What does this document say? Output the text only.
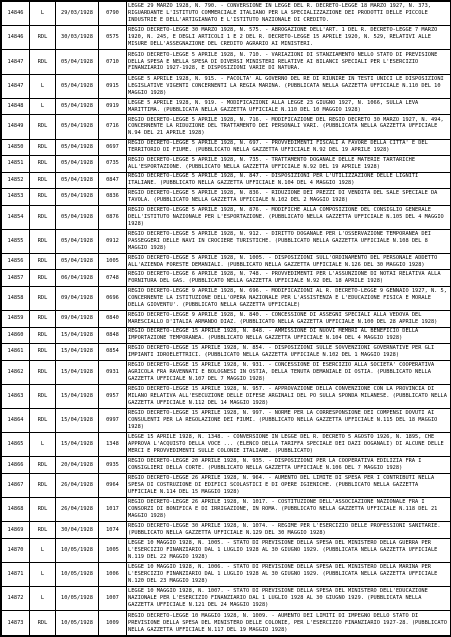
14846	L	29/03/1928	0790	LEGGE 29 MARZO 1928, N. 790. - CONVERSIONE IN LEGGE DEL R. DECRETO-LEGGE 18 MARZO 1927, N. 373, RIGUARDANTE L'ISTITUTO COMMERCIALE ITALIANO PER LA SPECIALIZZAZIONE DEI PRODOTTI DELLE PICCOLE INDUSTRIE E DELL'ARTIGIANATO E L'ISTITUTO NAZIONALE DI CREDITO.
14846	RDL	30/03/1928	0575	REGIO DECRETO-LEGGE 30 MARZO 1928, N. 575. - ABROGAZIONE DELL'ART. 1 DEL R. DECRETO-LEGGE 7 MARZO 1920, N. 245, E DEGLI ARTICOLI 1 E 2 DEL R. DECRETO-LEGGE 15 APRILE 1920, N. 529, RELATIVI ALLE MISURE DELL'ASSEGNAZIONE DEL CREDITO AGRARIO AI MINISTERI.
14847	RDL	05/04/1928	0710	REGIO DECRETO-LEGGE 5 APRILE 1928, N. 710. - VARIAZIONI DI STANZIAMENTO NELLO STATO DI PREVISIONE DELLA SPESA E NELLA SPESA DI DIVERSI MINISTERI RELATIVE AI BILANCI SPECIALI PER L'ESERCIZIO FINANZIARIO 1927-1928, E DISPOSIZIONI VARIE DI NATURA.
14847	L	05/04/1928	0915	LEGGE 5 APRILE 1928, N. 915. - FACOLTA' AL GOVERNO DEL RE DI RIUNIRE IN TESTI UNICI LE DISPOSIZIONI LEGISLATIVE VIGENTI CONCERNENTI LA REGIA MARINA. (PUBBLICATA NELLA GAZZETTA UFFICIALE N.110 DEL 10 MAGGIO 1928)
14848	L	05/04/1928	0919	LEGGE 5 APRILE 1928, N. 919. - MODIFICAZIONI ALLA LEGGE 23 GIUGNO 1927, N. 1066, SULLA LEVA MARITTIMA. (PUBBLICATA NELLA GAZZETTA UFFICIALE N.110 DEL 10 MAGGIO 1928)
14849	RDL	05/04/1928	0716	REGIO DECRETO-LEGGE 5 APRILE 1928, N. 716. - MODIFICAZIONE DEL REGIO DECRETO 30 MARZO 1927, N. 494, CONCERNENTE LA RIDUZIONE DEL TRATTAMENTO DEI PERSONALI VARI. (PUBBLICATA NELLA GAZZETTA UFFICIALE N.94 DEL 21 APRILE 1928)
14850	RDL	05/04/1928	0697	REGIO DECRETO-LEGGE 5 APRILE 1928, N. 697. - PROVVEDIMENTI FISCALI A FAVORE DELLA CITTA' E DEL TERRITORIO DI FIUME. (PUBBLICATO NELLA GAZZETTA UFFICIALE N.92 DEL 19 APRILE 1928)
14851	RDL	05/04/1928	0735	REGIO DECRETO-LEGGE 5 APRILE 1928, N. 735. - TRATTAMENTO DOGANALE DELLE MATERIE TARTARICHE ALL'ESPORTAZIONE. (PUBBLICATO NELLA GAZZETTA UFFICIALE N.92 DEL 19 APRILE 1928)
14852	RDL	05/04/1928	0847	REGIO DECRETO-LEGGE 5 APRILE 1928, N. 847. - DISPOSIZIONI PER L'UTILIZZAZIONE DELLE LIGNITI ITALIANE. (PUBBLICATO NELLA GAZZETTA UFFICIALE N.104 DEL 4 MAGGIO 1928)
14853	RDL	05/04/1928	0836	REGIO DECRETO-LEGGE 5 APRILE 1928, N. 836. - RIDUZIONE DEI PREZZI DI VENDITA DEL SALE SPECIALE DA TAVOLA. (PUBBLICATO NELLA GAZZETTA UFFICIALE N.102 DEL 2 MAGGIO 1928)
14854	RDL	05/04/1928	0876	REGIO DECRETO-LEGGE 5 APRILE 1928, N. 876. - MODIFICHE ALLA COMPOSIZIONE DEL CONSIGLIO GENERALE DELL'ISTITUTO NAZIONALE PER L'ESPORTAZIONE. (PUBBLICATO NELLA GAZZETTA UFFICIALE N.105 DEL 4 MAGGIO 1928)
14855	RDL	05/04/1928	0912	REGIO DECRETO-LEGGE 5 APRILE 1928, N. 912. - DIRITTO DOGANALE PER L'OSSERVAZIONE TEMPORANEA DEI PASSEGGERI DELLE NAVI IN CROCIERE TURISTICHE. (PUBBLICATO NELLA GAZZETTA UFFICIALE N.108 DEL 8 MAGGIO 1928)
14856	RDL	05/04/1928	1005	REGIO DECRETO-LEGGE 5 APRILE 1928, N. 1005. - DISPOSIZIONI SULL'ORDINAMENTO DEL PERSONALE ADDETTO ALL'AZIENDA FORESTE DEMANIALI. (PUBBLICATO NELLA GAZZETTA UFFICIALE N.126 DEL 30 MAGGIO 1928)
14857	RDL	06/04/1928	0748	REGIO DECRETO-LEGGE 6 APRILE 1928, N. 748. - PROVVEDIMENTI PER L'ASSUNZIONE DI NOTAI RELATIVA ALLA FORNITURA DEL GAS. (PUBBLICATO NELLA GAZZETTA UFFICIALE N.92 DEL 18 APRILE 1928)
14858	RDL	09/04/1928	0696	REGIO DECRETO-LEGGE 9 APRILE 1928, N. 696. - MODIFICAZIONI AL R. DECRETO-LEGGE 9 GENNAIO 1927, N. 5, CONCERNENTE LA ISTITUZIONE DELL'OPERA NAZIONALE PER L'ASSISTENZA E L'EDUCAZIONE FISICA E MORALE DELLA GIOVENTU'. (PUBBLICATO NELLA GAZZETTA UFFICIALE)
14859	RDL	09/04/1928	0840	REGIO DECRETO-LEGGE 9 APRILE 1928, N. 840. - CONCESSIONE DI ASSEGNI SPECIALI ALLA VEDOVA DEL MARESCIALLO D'ITALIA ARMANDO DIAZ. (PUBBLICATO NELLA GAZZETTA UFFICIALE N.100 DEL 28 APRILE 1928)
14860	RDL	15/04/1928	0848	REGIO DECRETO-LEGGE 15 APRILE 1928, N. 848. - AMMISSIONE DI NUOVI MEMBRI AL BENEFICIO DELLA IMPORTAZIONE TEMPORANEA. (PUBBLICATO NELLA GAZZETTA UFFICIALE N.104 DEL 4 MAGGIO 1928)
14861	RDL	15/04/1928	0854	REGIO DECRETO-LEGGE 15 APRILE 1928, N. 854. - DISPOSIZIONI SULLE SOVVENZIONI GOVERNATIVE PER GLI IMPIANTI IDROELETTRICI. (PUBBLICATO NELLA GAZZETTA UFFICIALE N.102 DEL 1 MAGGIO 1928)
14862	RDL	15/04/1928	0931	REGIO DECRETO-LEGGE 15 APRILE 1928, N. 931. - CONCESSIONE DI ESERCIZIO ALLA SOCIETA' COOPERATIVA AGRICOLA FRA RAVENNATI E BOLOGNESI IN OSTIA, DELLA TENUTA DEMANIALE DI OSTIA. (PUBBLICATO NELLA GAZZETTA UFFICIALE N.107 DEL 7 MAGGIO 1928)
14863	RDL	15/04/1928	0957	REGIO DECRETO-LEGGE 15 APRILE 1928, N. 957. - APPROVAZIONE DELLA CONVENZIONE CON LA PROVINCIA DI MILANO RELATIVA ALL'ESECUZIONE DELLE DIFESE ARGINALI DEL PO SULLA SPONDA MILANESE. (PUBBLICATO NELLA GAZZETTA UFFICIALE N.112 DEL 14 MAGGIO 1928)
14864	RDL	15/04/1928	0997	REGIO DECRETO-LEGGE 15 APRILE 1928, N. 997. - NORME PER LA CORRESPONSIONE DEI COMPENSI DOVUTI AI CONSULENTI PER LA REGOLAZIONE DEI FIUMI. (PUBBLICATO NELLA GAZZETTA UFFICIALE N.115 DEL 18 MAGGIO 1928)
14865	L	15/04/1928	1348	LEGGE 15 APRILE 1928, N. 1348. - CONVERSIONE IN LEGGE DEL R. DECRETO 5 AGOSTO 1926, N. 1895, CHE APPROVA L'ACQUISTO DELLA VOCE ... (ELENCO DELLA TARIFFA SPECIALE DEI DAZI DOGANALI) DI ALCUNE DELLE MERCI E PROVVEDIMENTI SULLE COLONIE ITALIANE. (PUBBLICATO)
14866	RDL	20/04/1928	0935	REGIO DECRETO-LEGGE 20 APRILE 1928, N. 935. - DISPOSIZIONI PER LA COOPERATIVA EDILIZIA FRA I CONSIGLIERI DELLA CORTE. (PUBBLICATO NELLA GAZZETTA UFFICIALE N.106 DEL 7 MAGGIO 1928)
14867	RDL	26/04/1928	0964	REGIO DECRETO-LEGGE 26 APRILE 1928, N. 964. - AUMENTO DEL LIMITE DI SPESA PER I CONTRIBUTI NELLA SPESA DI COSTRUZIONE DI EDIFICI SCOLASTICI E DI OPERE IGIENICHE. (PUBBLICATO NELLA GAZZETTA UFFICIALE N.114 DEL 15 MAGGIO 1928)
14868	RDL	26/04/1928	1017	REGIO DECRETO-LEGGE 26 APRILE 1928, N. 1017. - COSTITUZIONE DELL'ASSOCIAZIONE NAZIONALE FRA I CONSORZI DI BONIFICA E DI IRRIGAZIONE, IN ROMA. (PUBBLICATO NELLA GAZZETTA UFFICIALE N.118 DEL 21 MAGGIO 1928)
14869	RDL	30/04/1928	1074	REGIO DECRETO-LEGGE 30 APRILE 1928, N. 1074. - REGIME PER L'ESERCIZIO DELLE PROFESSIONI SANITARIE. (PUBBLICATO NELLA GAZZETTA UFFICIALE N.129 DEL 30 MAGGIO 1928)
14870	L	10/05/1928	1005	LEGGE 10 MAGGIO 1928, N. 1005. - STATO DI PREVISIONE DELLA SPESA DEL MINISTERO DELLA GUERRA PER L'ESERCIZIO FINANZIARIO DAL 1 LUGLIO 1928 AL 30 GIUGNO 1929. (PUBBLICATA NELLA GAZZETTA UFFICIALE N.119 DEL 22 MAGGIO 1928)
14871	L	10/05/1928	1006	LEGGE 10 MAGGIO 1928, N. 1006. - STATO DI PREVISIONE DELLA SPESA DEL MINISTERO DELLA MARINA PER L'ESERCIZIO FINANZIARIO DAL 1 LUGLIO 1928 AL 30 GIUGNO 1929. (PUBBLICATA NELLA GAZZETTA UFFICIALE N.120 DEL 23 MAGGIO 1928)
14872	L	10/05/1928	1007	LEGGE 10 MAGGIO 1928, N. 1007. - STATO DI PREVISIONE DELLA SPESA DEL MINISTERO DELL'EDUCAZIONE NAZIONALE PER L'ESERCIZIO FINANZIARIO DAL 1 LUGLIO 1928 AL 30 GIUGNO 1929. (PUBBLICATA NELLA GAZZETTA UFFICIALE N.121 DEL 24 MAGGIO 1928)
14873	RDL	10/05/1928	1009	REGIO DECRETO-LEGGE 10 MAGGIO 1928, N. 1009. - AUMENTO DEI LIMITI DI IMPEGNO DELLO STATO DI PREVISIONE DELLA SPESA DEL MINISTERO DELLE COLONIE, PER L'ESERCIZIO FINANZIARIO 1927-28. (PUBBLICATO NELLA GAZZETTA UFFICIALE N.117 DEL 19 MAGGIO 1928)
